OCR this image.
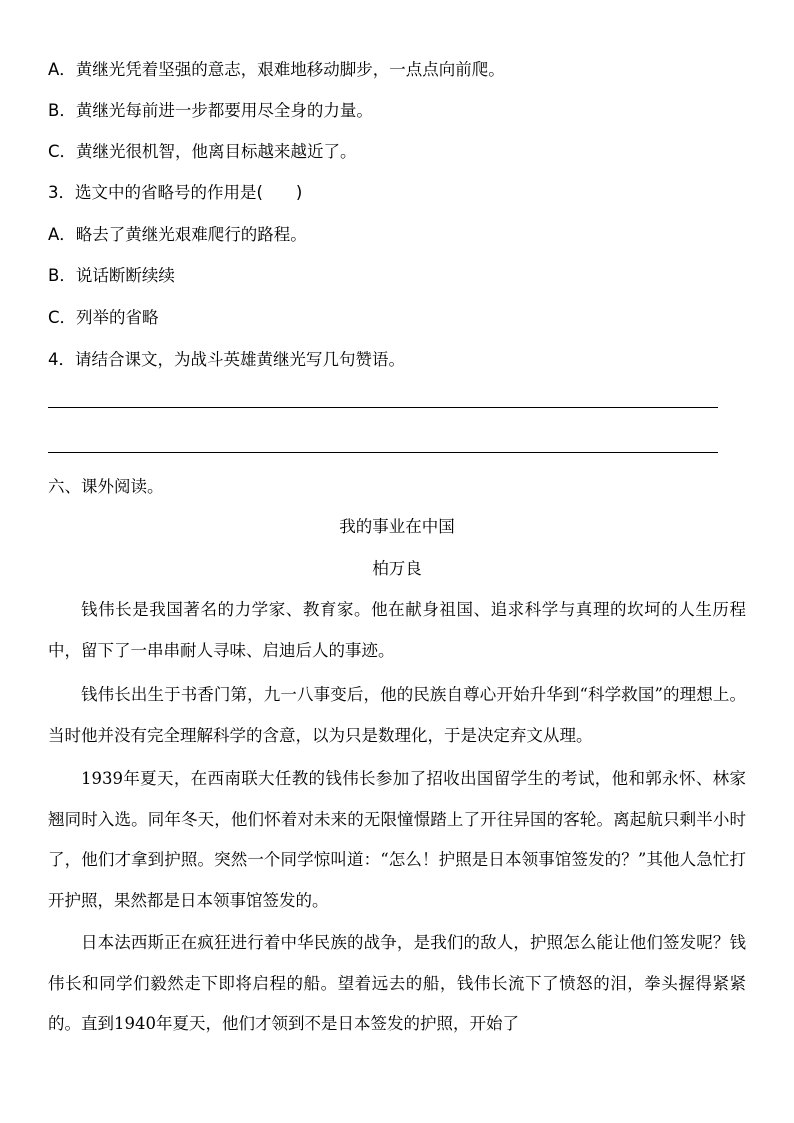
A．黄继光凭着坚强的意志，艰难地移动脚步，一点点向前爬。
B．黄继光每前进一步都要用尽全身的力量。
C．黄继光很机智，他离目标越来越近了。
3．选文中的省略号的作用是(　　)
A．略去了黄继光艰难爬行的路程。
B．说话断断续续
C．列举的省略
4．请结合课文，为战斗英雄黄继光写几句赞语。
六、课外阅读。
我的事业在中国
柏万良
钱伟长是我国著名的力学家、教育家。他在献身祖国、追求科学与真理的坎坷的人生历程中，留下了一串串耐人寻味、启迪后人的事迹。
钱伟长出生于书香门第，九一八事变后，他的民族自尊心开始升华到“科学救国”的理想上。当时他并没有完全理解科学的含意，以为只是数理化，于是决定弃文从理。
1939年夏天，在西南联大任教的钱伟长参加了招收出国留学生的考试，他和郭永怀、林家翘同时入选。同年冬天，他们怀着对未来的无限憧憬踏上了开往异国的客轮。离起航只剩半小时了，他们才拿到护照。突然一个同学惊叫道：“怎么！护照是日本领事馆签发的？”其他人急忙打开护照，果然都是日本领事馆签发的。
日本法西斯正在疯狂进行着中华民族的战争，是我们的敌人，护照怎么能让他们签发呢？钱伟长和同学们毅然走下即将启程的船。望着远去的船，钱伟长流下了愤怒的泪，拳头握得紧紧的。直到1940年夏天，他们才领到不是日本签发的护照，开始了
